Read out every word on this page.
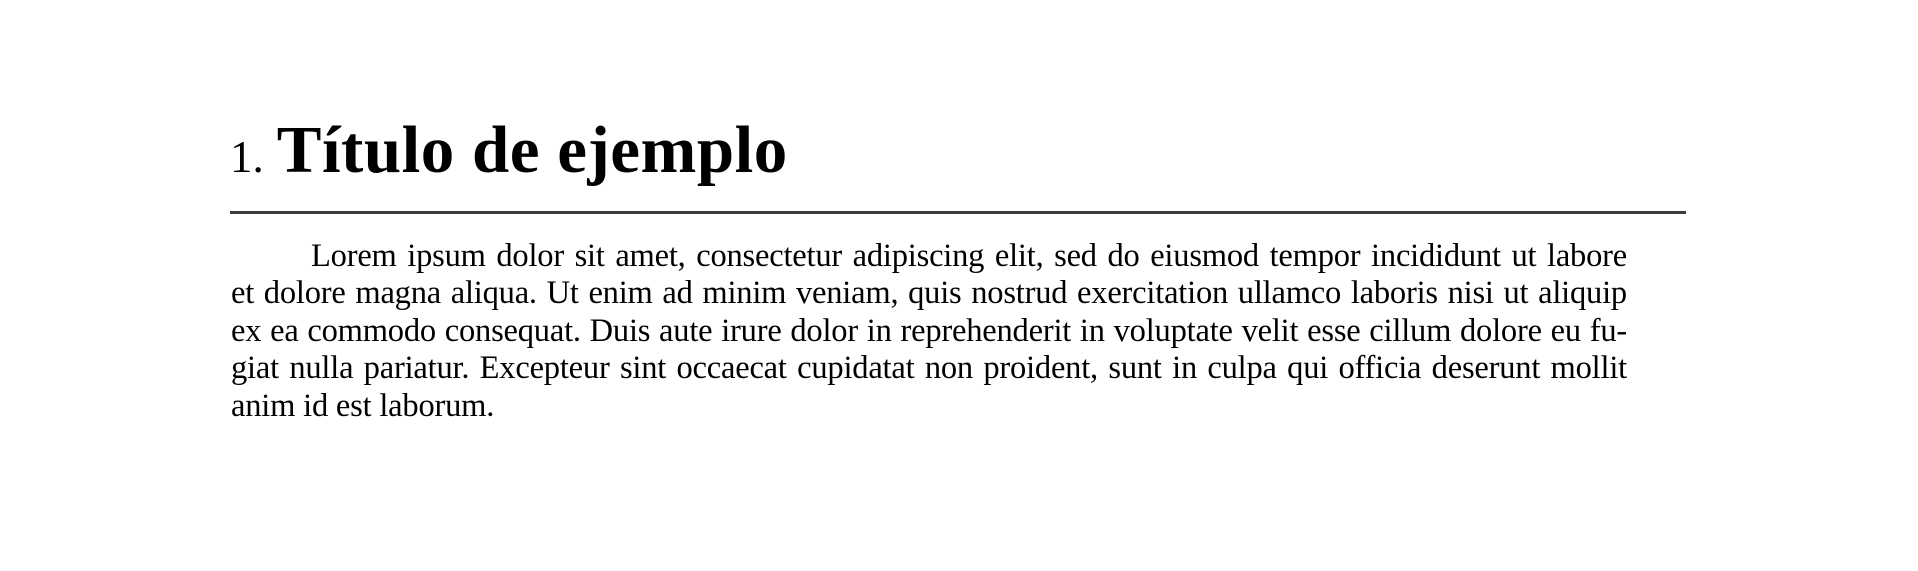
1. Título de ejemplo
Lorem ipsum dolor sit amet, consectetur adipiscing elit, sed do eiusmod tempor incididunt ut labore
et dolore magna aliqua. Ut enim ad minim veniam, quis nostrud exercitation ullamco laboris nisi ut aliquip
ex ea commodo consequat. Duis aute irure dolor in reprehenderit in voluptate velit esse cillum dolore eu fu-
giat nulla pariatur. Excepteur sint occaecat cupidatat non proident, sunt in culpa qui officia deserunt mollit
anim id est laborum.
